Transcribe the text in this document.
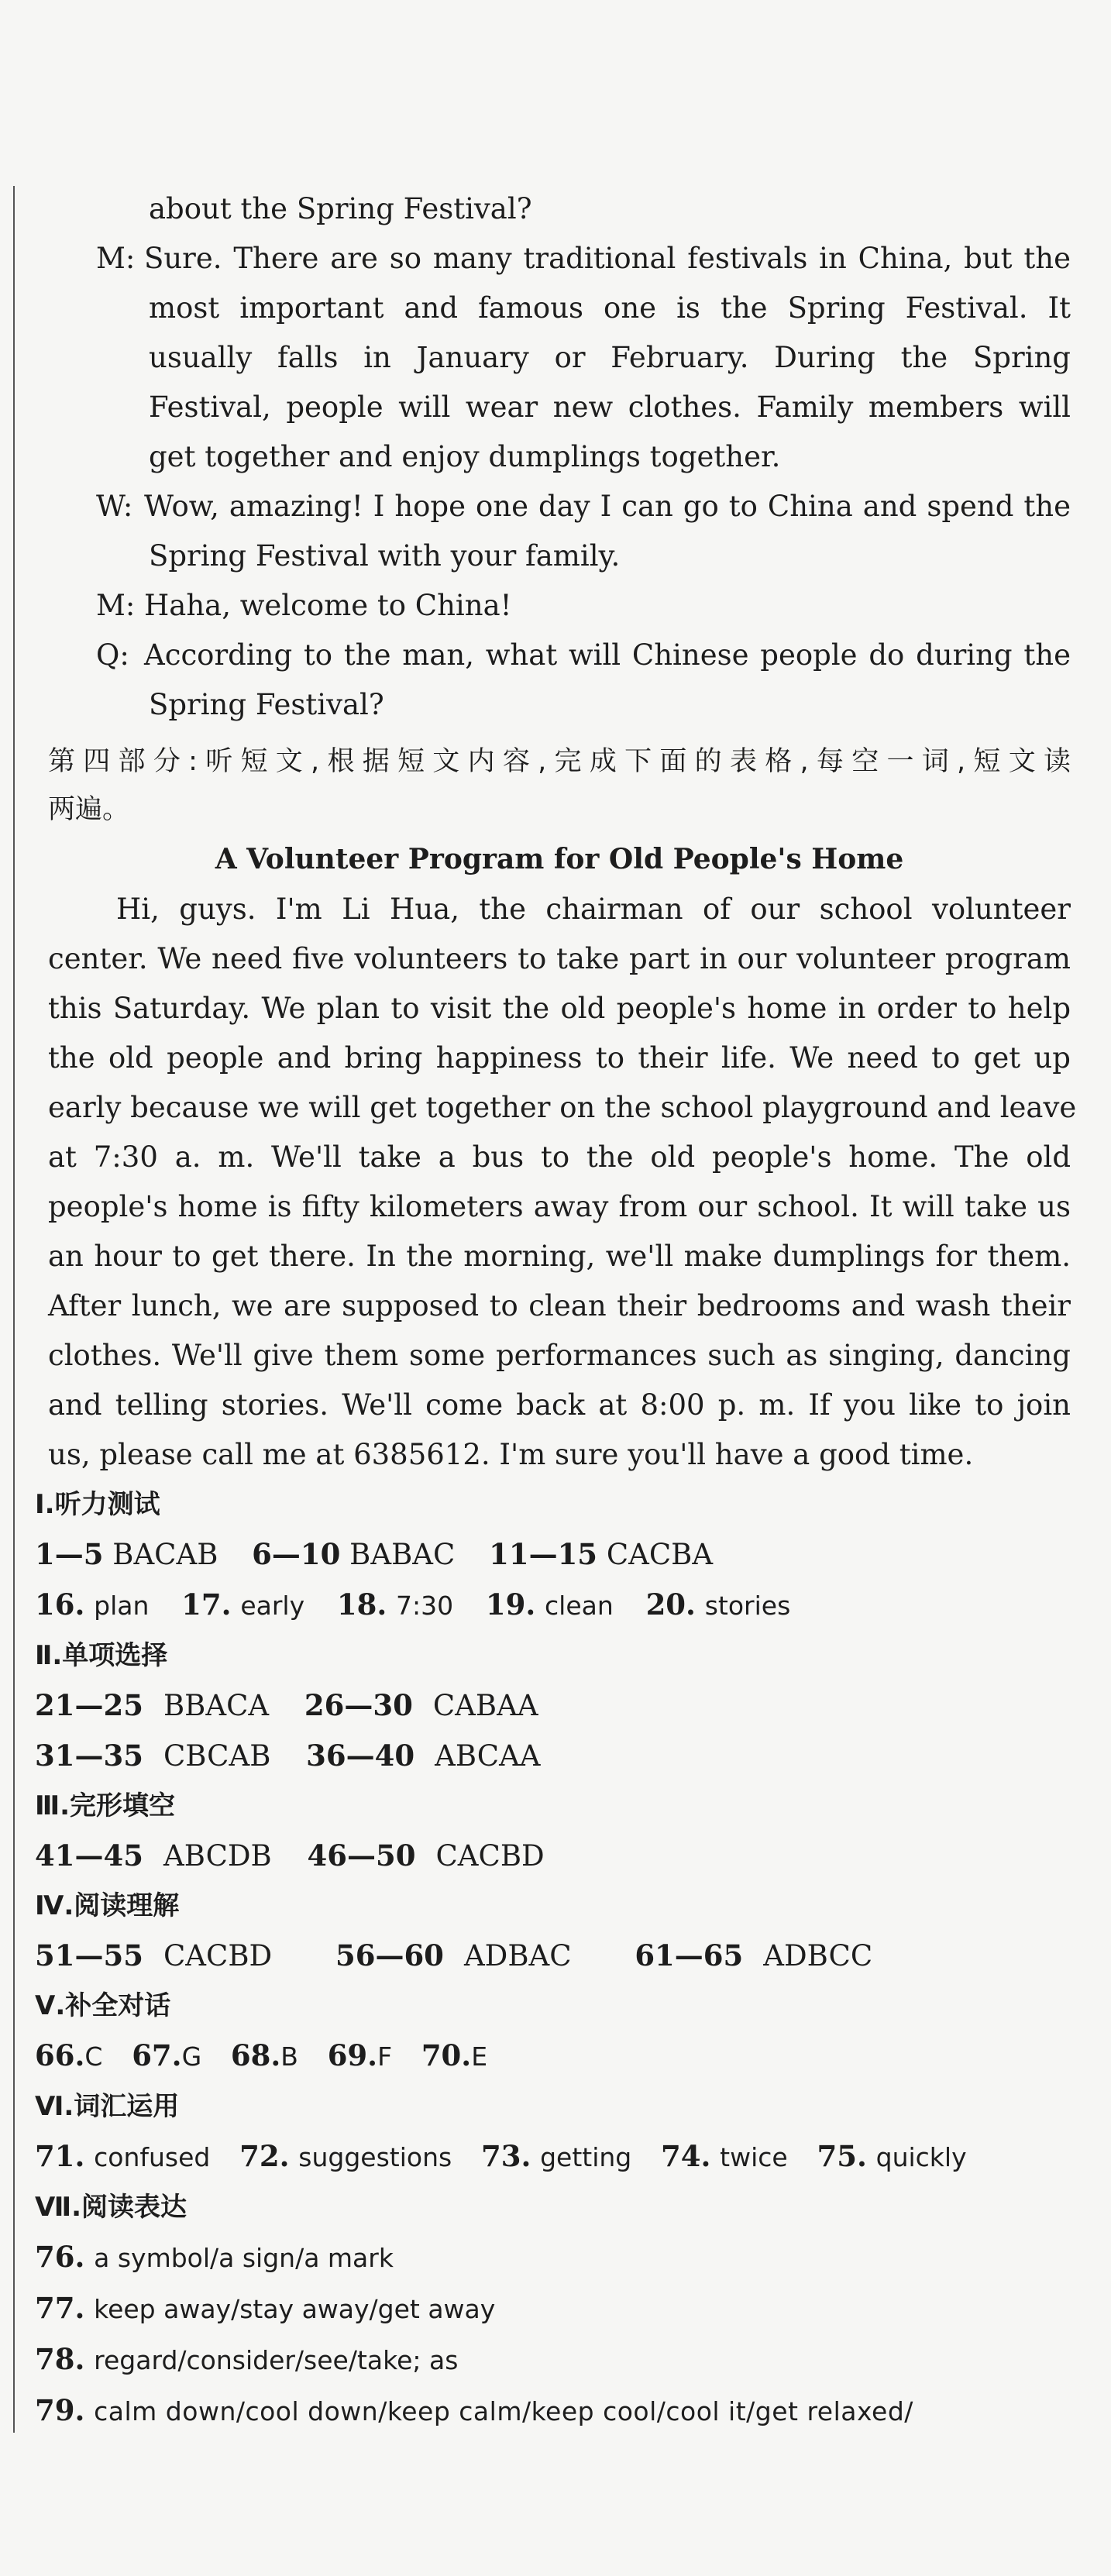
about the Spring Festival?
M: Sure. There are so many traditional festivals in China, but the
most important and famous one is the Spring Festival. It
usually falls in January or February. During the Spring
Festival, people will wear new clothes. Family members will
get together and enjoy dumplings together.
W: Wow, amazing! I hope one day I can go to China and spend the
Spring Festival with your family.
M: Haha, welcome to China!
Q: According to the man, what will Chinese people do during the
Spring Festival?
第四部分:听短文,根据短文内容,完成下面的表格,每空一词,短文读
两遍。
A Volunteer Program for Old People's Home
Hi, guys. I'm Li Hua, the chairman of our school volunteer
center. We need five volunteers to take part in our volunteer program
this Saturday. We plan to visit the old people's home in order to help
the old people and bring happiness to their life. We need to get up
early because we will get together on the school playground and leave
at 7:30 a. m. We'll take a bus to the old people's home. The old
people's home is fifty kilometers away from our school. It will take us
an hour to get there. In the morning, we'll make dumplings for them.
After lunch, we are supposed to clean their bedrooms and wash their
clothes. We'll give them some performances such as singing, dancing
and telling stories. We'll come back at 8:00 p. m. If you like to join
us, please call me at 6385612. I'm sure you'll have a good time.
Ⅰ.听力测试
1—5 BACAB 6—10 BABAC 11—15 CACBA
16. plan 17. early 18. 7:30 19. clean 20. stories
Ⅱ.单项选择
21—25 BBACA 26—30 CABAA
31—35 CBCAB 36—40 ABCAA
Ⅲ.完形填空
41—45 ABCDB 46—50 CACBD
Ⅳ.阅读理解
51—55 CACBD 56—60 ADBAC 61—65 ADBCC
Ⅴ.补全对话
66.C 67.G 68.B 69.F 70.E
Ⅵ.词汇运用
71. confused 72. suggestions 73. getting 74. twice 75. quickly
Ⅶ.阅读表达
76. a symbol/a sign/a mark
77. keep away/stay away/get away
78. regard/consider/see/take; as
79. calm down/cool down/keep calm/keep cool/cool it/get relaxed/
